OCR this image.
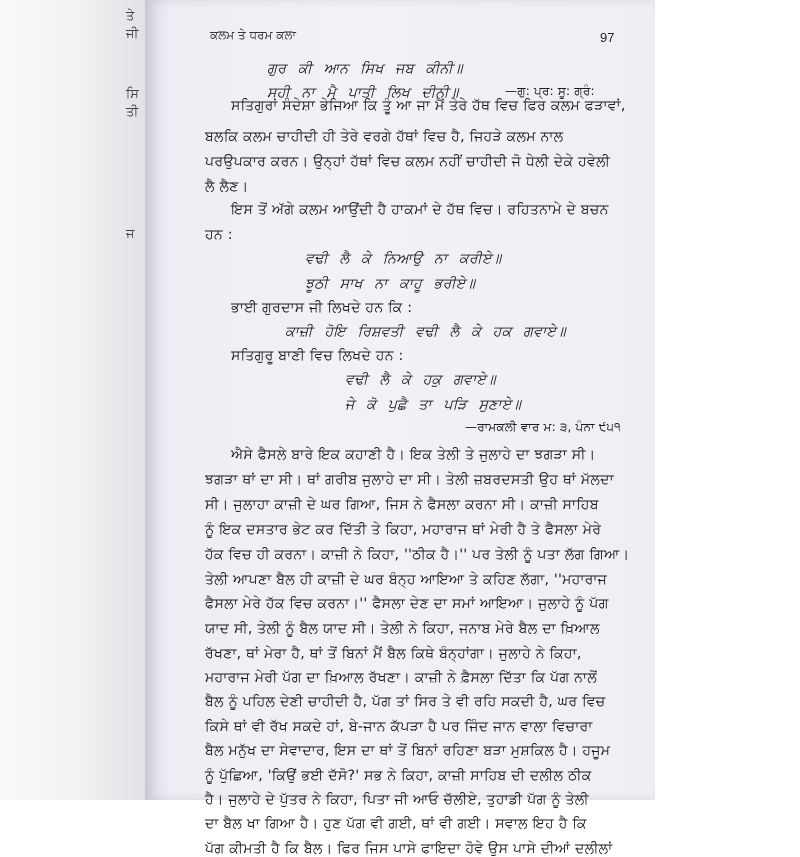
ਤੇ
ਜੀ
ਸਿ
ਤੀ
ਜ
ਕਲਮ ਤੇ ਧਰਮ ਕਲਾ	97
ਗੁਰ ਕੀ ਆਨ ਸਿਖ ਜਬ ਕੀਨੀ॥
ਸਹੀ ਨਾ ਮੈ ਪਾਤੀ ਲਿਖ ਦੀਨੀ॥	—ਗੁ: ਪ੍ਰ: ਸੂ: ਗ੍ਰੰ:
ਸਤਿਗੁਰਾਂ ਸੰਦੇਸ਼ਾ ਭੇਜਿਆ ਕਿ ਤੂੰ ਆ ਜਾ ਮੈਂ ਤੇਰੇ ਹੱਥ ਵਿਚ ਫਿਰ ਕਲਮ ਫੜਾਵਾਂ,
ਬਲਕਿ ਕਲਮ ਚਾਹੀਦੀ ਹੀ ਤੇਰੇ ਵਰਗੇ ਹੱਥਾਂ ਵਿਚ ਹੈ, ਜਿਹੜੇ ਕਲਮ ਨਾਲ
ਪਰਉਪਕਾਰ ਕਰਨ। ਉਨ੍ਹਾਂ ਹੱਥਾਂ ਵਿਚ ਕਲਮ ਨਹੀਂ ਚਾਹੀਦੀ ਜੋ ਧੇਲੀ ਦੇਕੇ ਹਵੇਲੀ
ਲੈ ਲੈਣ।
ਇਸ ਤੋਂ ਅੱਗੇ ਕਲਮ ਆਉਂਦੀ ਹੈ ਹਾਕਮਾਂ ਦੇ ਹੱਥ ਵਿਚ। ਰਹਿਤਨਾਮੇ ਦੇ ਬਚਨ
ਹਨ :
ਵਢੀ ਲੈ ਕੇ ਨਿਆਉ ਨਾ ਕਰੀਏ॥
ਝੂਠੀ ਸਾਖ ਨਾ ਕਾਹੂ ਭਰੀਏ॥
ਭਾਈ ਗੁਰਦਾਸ ਜੀ ਲਿਖਦੇ ਹਨ ਕਿ :
ਕਾਜ਼ੀ ਹੋਇ ਰਿਸ਼ਵਤੀ ਵਢੀ ਲੈ ਕੇ ਹਕ ਗਵਾਏ॥
ਸਤਿਗੁਰੂ ਬਾਣੀ ਵਿਚ ਲਿਖਦੇ ਹਨ :
ਵਢੀ ਲੈ ਕੇ ਹਕੁ ਗਵਾਏ॥
ਜੇ ਕੋ ਪੁਛੈ ਤਾ ਪੜਿ ਸੁਣਾਏ॥
—ਰਾਮਕਲੀ ਵਾਰ ਮ: ੩, ਪੰਨਾ ੯੫੧
ਐਸੇ ਫੈਸਲੇ ਬਾਰੇ ਇਕ ਕਹਾਣੀ ਹੈ। ਇਕ ਤੇਲੀ ਤੇ ਜੁਲਾਹੇ ਦਾ ਝਗੜਾ ਸੀ।
ਝਗੜਾ ਥਾਂ ਦਾ ਸੀ। ਥਾਂ ਗਰੀਬ ਜੁਲਾਹੇ ਦਾ ਸੀ। ਤੇਲੀ ਜ਼ਬਰਦਸਤੀ ਉਹ ਥਾਂ ਮੱਲਦਾ
ਸੀ। ਜੁਲਾਹਾ ਕਾਜ਼ੀ ਦੇ ਘਰ ਗਿਆ, ਜਿਸ ਨੇ ਫੈਸਲਾ ਕਰਨਾ ਸੀ। ਕਾਜ਼ੀ ਸਾਹਿਬ
ਨੂੰ ਇਕ ਦਸਤਾਰ ਭੇਟ ਕਰ ਦਿੱਤੀ ਤੇ ਕਿਹਾ, ਮਹਾਰਾਜ ਥਾਂ ਮੇਰੀ ਹੈ ਤੇ ਫੈਸਲਾ ਮੇਰੇ
ਹੱਕ ਵਿਚ ਹੀ ਕਰਨਾ। ਕਾਜ਼ੀ ਨੇ ਕਿਹਾ, ''ਠੀਕ ਹੈ।'' ਪਰ ਤੇਲੀ ਨੂੰ ਪਤਾ ਲੱਗ ਗਿਆ।
ਤੇਲੀ ਆਪਣਾ ਬੈਲ ਹੀ ਕਾਜ਼ੀ ਦੇ ਘਰ ਬੰਨ੍ਹ ਆਇਆ ਤੇ ਕਹਿਣ ਲੱਗਾ, ''ਮਹਾਰਾਜ
ਫੈਸਲਾ ਮੇਰੇ ਹੱਕ ਵਿਚ ਕਰਨਾ।'' ਫੈਸਲਾ ਦੇਣ ਦਾ ਸਮਾਂ ਆਇਆ। ਜੁਲਾਹੇ ਨੂੰ ਪੱਗ
ਯਾਦ ਸੀ, ਤੇਲੀ ਨੂੰ ਬੈਲ ਯਾਦ ਸੀ। ਤੇਲੀ ਨੇ ਕਿਹਾ, ਜਨਾਬ ਮੇਰੇ ਬੈਲ ਦਾ ਖ਼ਿਆਲ
ਰੱਖਣਾ, ਥਾਂ ਮੇਰਾ ਹੈ, ਥਾਂ ਤੋਂ ਬਿਨਾਂ ਮੈਂ ਬੈਲ ਕਿਥੇ ਬੰਨ੍ਹਾਂਗਾ। ਜੁਲਾਹੇ ਨੇ ਕਿਹਾ,
ਮਹਾਰਾਜ ਮੇਰੀ ਪੱਗ ਦਾ ਖ਼ਿਆਲ ਰੱਖਣਾ। ਕਾਜ਼ੀ ਨੇ ਫ਼ੈਸਲਾ ਦਿੱਤਾ ਕਿ ਪੱਗ ਨਾਲੋਂ
ਬੈਲ ਨੂੰ ਪਹਿਲ ਦੇਣੀ ਚਾਹੀਦੀ ਹੈ, ਪੱਗ ਤਾਂ ਸਿਰ ਤੇ ਵੀ ਰਹਿ ਸਕਦੀ ਹੈ, ਘਰ ਵਿਚ
ਕਿਸੇ ਥਾਂ ਵੀ ਰੱਖ ਸਕਦੇ ਹਾਂ, ਬੇ-ਜਾਨ ਕੱਪੜਾ ਹੈ ਪਰ ਜਿੰਦ ਜਾਨ ਵਾਲਾ ਵਿਚਾਰਾ
ਬੈਲ ਮਨੁੱਖ ਦਾ ਸੇਵਾਦਾਰ, ਇਸ ਦਾ ਥਾਂ ਤੋਂ ਬਿਨਾਂ ਰਹਿਣਾ ਬੜਾ ਮੁਸ਼ਕਿਲ ਹੈ। ਹਜੂਮ
ਨੂੰ ਪੁੱਛਿਆ, 'ਕਿਉਂ ਭਈ ਦੱਸੋ?' ਸਭ ਨੇ ਕਿਹਾ, ਕਾਜ਼ੀ ਸਾਹਿਬ ਦੀ ਦਲੀਲ ਠੀਕ
ਹੈ। ਜੁਲਾਹੇ ਦੇ ਪੁੱਤਰ ਨੇ ਕਿਹਾ, ਪਿਤਾ ਜੀ ਆਓ ਚੱਲੀਏ, ਤੁਹਾਡੀ ਪੱਗ ਨੂੰ ਤੇਲੀ
ਦਾ ਬੈਲ ਖਾ ਗਿਆ ਹੈ। ਹੁਣ ਪੱਗ ਵੀ ਗਈ, ਥਾਂ ਵੀ ਗਈ। ਸਵਾਲ ਇਹ ਹੈ ਕਿ
ਪੱਗ ਕੀਮਤੀ ਹੈ ਕਿ ਬੈਲ। ਫਿਰ ਜਿਸ ਪਾਸੇ ਫਾਇਦਾ ਹੋਵੇ ਉਸ ਪਾਸੇ ਦੀਆਂ ਦਲੀਲਾਂ
